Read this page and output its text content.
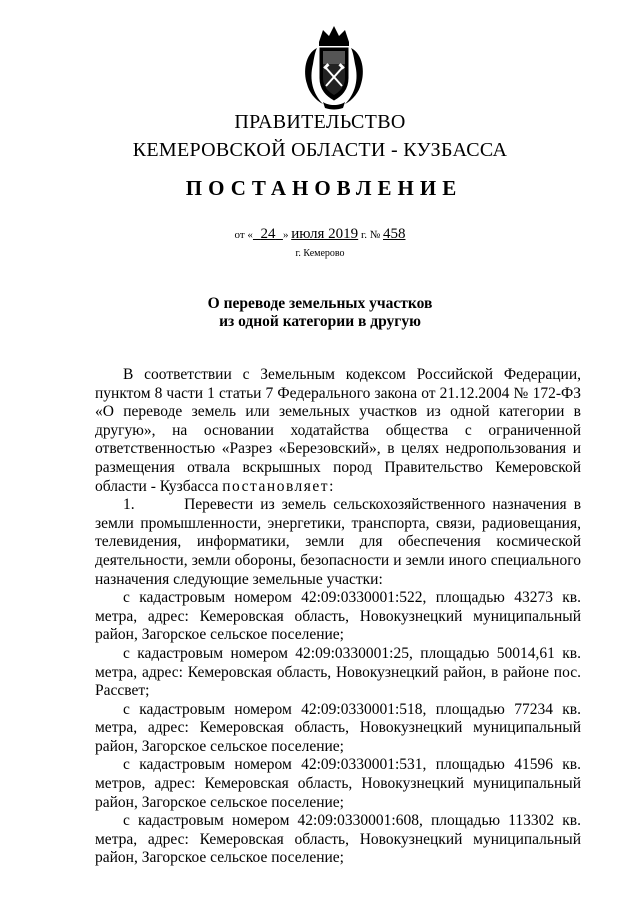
ПРАВИТЕЛЬСТВО
КЕМЕРОВСКОЙ ОБЛАСТИ - КУЗБАССА
ПОСТАНОВЛЕНИЕ
от « 24 » июля 2019 г. № 458
г. Кемерово
О переводе земельных участков
из одной категории в другую

В соответствии с Земельным кодексом Российской Федерации, пунктом 8 части 1 статьи 7 Федерального закона от 21.12.2004 № 172-ФЗ «О переводе земель или земельных участков из одной категории в другую», на основании ходатайства общества с ограниченной ответственностью «Разрез «Березовский», в целях недропользования и размещения отвала вскрышных пород Правительство Кемеровской области - Кузбасса постановляет:

1.	Перевести из земель сельскохозяйственного назначения в земли промышленности, энергетики, транспорта, связи, радиовещания, телевидения, информатики, земли для обеспечения космической деятельности, земли обороны, безопасности и земли иного специального назначения следующие земельные участки:

с кадастровым номером 42:09:0330001:522, площадью 43273 кв. метра, адрес: Кемеровская область, Новокузнецкий муниципальный район, Загорское сельское поселение;

с кадастровым номером 42:09:0330001:25, площадью 50014,61 кв. метра, адрес: Кемеровская область, Новокузнецкий район, в районе пос. Рассвет;

с кадастровым номером 42:09:0330001:518, площадью 77234 кв. метра, адрес: Кемеровская область, Новокузнецкий муниципальный район, Загорское сельское поселение;

с кадастровым номером 42:09:0330001:531, площадью 41596 кв. метров, адрес: Кемеровская область, Новокузнецкий муниципальный район, Загорское сельское поселение;

с кадастровым номером 42:09:0330001:608, площадью 113302 кв. метра, адрес: Кемеровская область, Новокузнецкий муниципальный район, Загорское сельское поселение;
